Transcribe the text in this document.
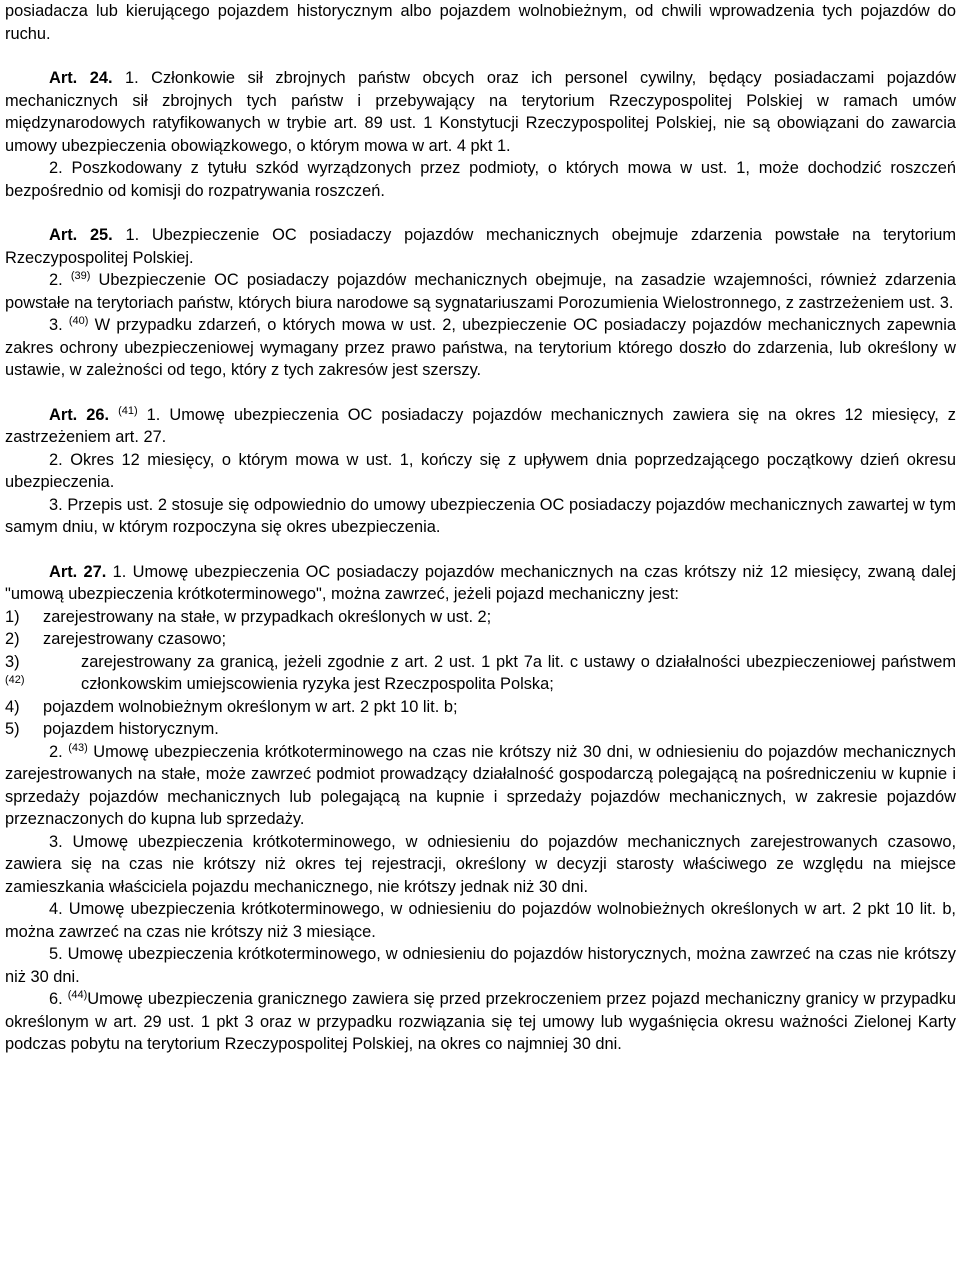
posiadacza lub kierującego pojazdem historycznym albo pojazdem wolnobieżnym, od chwili wprowadzenia tych pojazdów do ruchu.

Art. 24. 1. Członkowie sił zbrojnych państw obcych oraz ich personel cywilny, będący posiadaczami pojazdów mechanicznych sił zbrojnych tych państw i przebywający na terytorium Rzeczypospolitej Polskiej w ramach umów międzynarodowych ratyfikowanych w trybie art. 89 ust. 1 Konstytucji Rzeczypospolitej Polskiej, nie są obowiązani do zawarcia umowy ubezpieczenia obowiązkowego, o którym mowa w art. 4 pkt 1.

2. Poszkodowany z tytułu szkód wyrządzonych przez podmioty, o których mowa w ust. 1, może dochodzić roszczeń bezpośrednio od komisji do rozpatrywania roszczeń.

Art. 25. 1. Ubezpieczenie OC posiadaczy pojazdów mechanicznych obejmuje zdarzenia powstałe na terytorium Rzeczypospolitej Polskiej.

2. $^{(39)}$ Ubezpieczenie OC posiadaczy pojazdów mechanicznych obejmuje, na zasadzie wzajemności, również zdarzenia powstałe na terytoriach państw, których biura narodowe są sygnatariuszami Porozumienia Wielostronnego, z zastrzeżeniem ust. 3.

3. $^{(40)}$ W przypadku zdarzeń, o których mowa w ust. 2, ubezpieczenie OC posiadaczy pojazdów mechanicznych zapewnia zakres ochrony ubezpieczeniowej wymagany przez prawo państwa, na terytorium którego doszło do zdarzenia, lub określony w ustawie, w zależności od tego, który z tych zakresów jest szerszy.

Art. 26. $^{(41)}$ 1. Umowę ubezpieczenia OC posiadaczy pojazdów mechanicznych zawiera się na okres 12 miesięcy, z zastrzeżeniem art. 27.

2. Okres 12 miesięcy, o którym mowa w ust. 1, kończy się z upływem dnia poprzedzającego początkowy dzień okresu ubezpieczenia.

3. Przepis ust. 2 stosuje się odpowiednio do umowy ubezpieczenia OC posiadaczy pojazdów mechanicznych zawartej w tym samym dniu, w którym rozpoczyna się okres ubezpieczenia.

Art. 27. 1. Umowę ubezpieczenia OC posiadaczy pojazdów mechanicznych na czas krótszy niż 12 miesięcy, zwaną dalej "umową ubezpieczenia krótkoterminowego", można zawrzeć, jeżeli pojazd mechaniczny jest:

1)	zarejestrowany na stałe, w przypadkach określonych w ust. 2;
2)	zarejestrowany czasowo;
3) $^{(42)}$
zarejestrowany za granicą, jeżeli zgodnie z art. 2 ust. 1 pkt 7a lit. c ustawy o działalności ubezpieczeniowej państwem członkowskim umiejscowienia ryzyka jest Rzeczpospolita Polska;
4)	pojazdem wolnobieżnym określonym w art. 2 pkt 10 lit. b;
5)	pojazdem historycznym.

2. $^{(43)}$ Umowę ubezpieczenia krótkoterminowego na czas nie krótszy niż 30 dni, w odniesieniu do pojazdów mechanicznych zarejestrowanych na stałe, może zawrzeć podmiot prowadzący działalność gospodarczą polegającą na pośredniczeniu w kupnie i sprzedaży pojazdów mechanicznych lub polegającą na kupnie i sprzedaży pojazdów mechanicznych, w zakresie pojazdów przeznaczonych do kupna lub sprzedaży.

3. Umowę ubezpieczenia krótkoterminowego, w odniesieniu do pojazdów mechanicznych zarejestrowanych czasowo, zawiera się na czas nie krótszy niż okres tej rejestracji, określony w decyzji starosty właściwego ze względu na miejsce zamieszkania właściciela pojazdu mechanicznego, nie krótszy jednak niż 30 dni.

4. Umowę ubezpieczenia krótkoterminowego, w odniesieniu do pojazdów wolnobieżnych określonych w art. 2 pkt 10 lit. b, można zawrzeć na czas nie krótszy niż 3 miesiące.

5. Umowę ubezpieczenia krótkoterminowego, w odniesieniu do pojazdów historycznych, można zawrzeć na czas nie krótszy niż 30 dni.

6. $^{(44)}$Umowę ubezpieczenia granicznego zawiera się przed przekroczeniem przez pojazd mechaniczny granicy w przypadku określonym w art. 29 ust. 1 pkt 3 oraz w przypadku rozwiązania się tej umowy lub wygaśnięcia okresu ważności Zielonej Karty podczas pobytu na terytorium Rzeczypospolitej Polskiej, na okres co najmniej 30 dni.
